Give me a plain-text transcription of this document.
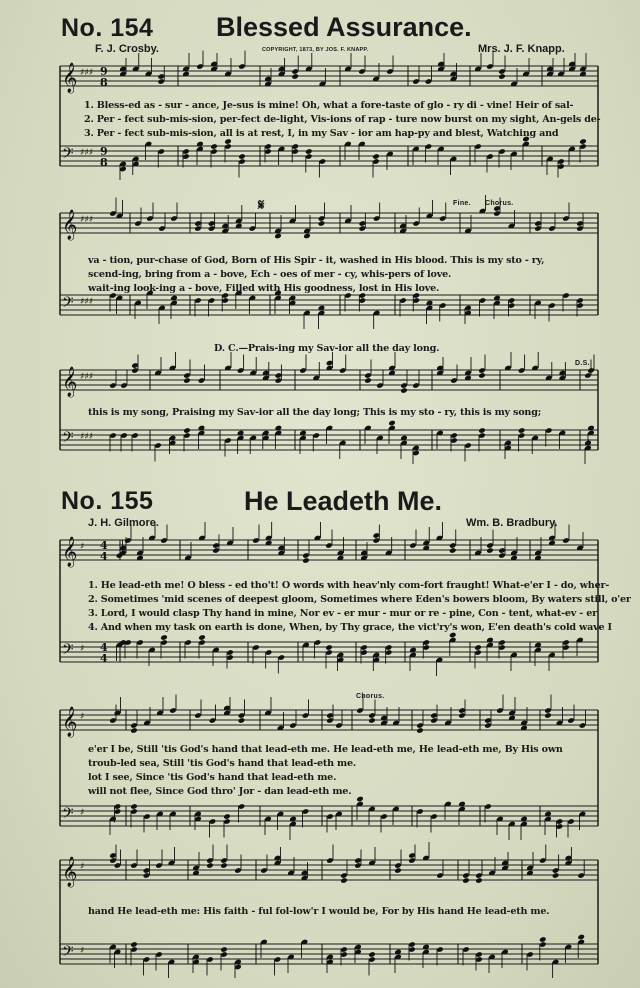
No. 154 Blessed Assurance.
F. J. Crosby.	COPYRIGHT, 1873, BY JOS. F. KNAPP.	Mrs. J. F. Knapp.
𝄞 ♯♯♯ 9
8
𝄢 ♯♯♯ 9
8
1. Bless-ed as - sur - ance, Je-sus is mine! Oh, what a fore-taste of glo - ry di - vine! Heir of sal-
2. Per - fect sub-mis-sion, per-fect de-light, Vis-ions of rap - ture now burst on my sight, An-gels de-
3. Per - fect sub-mis-sion, all is at rest, I, in my Sav - ior am hap-py and blest, Watching and
𝄋	Fine. Chorus.
𝄞 ♯♯♯
𝄢 ♯♯♯
va - tion, pur-chase of God, Born of His Spir - it, washed in His blood. This is my sto - ry,
scend-ing, bring from a - bove, Ech - oes of mer - cy, whis-pers of love.
wait-ing look-ing a - bove, Filled with His goodness, lost in His love.
D. C.—Prais-ing my Sav-ior all the day long.
D.S.
𝄞 ♯♯♯
𝄢 ♯♯♯
this is my song, Praising my Sav-ior all the day long; This is my sto - ry, this is my song;
No. 155	He Leadeth Me.
J. H. Gilmore.	Wm. B. Bradbury.
𝄞 ♯ 4
4
𝄢 ♯ 4
4
1. He lead-eth me! O bless - ed tho't! O words with heav'nly com-fort fraught! What-e'er I - do, wher-
2. Sometimes 'mid scenes of deepest gloom, Sometimes where Eden's bowers bloom, By waters still, o'er
3. Lord, I would clasp Thy hand in mine, Nor ev - er mur - mur or re - pine, Con - tent, what-ev - er
4. And when my task on earth is done, When, by Thy grace, the vict'ry's won, E'en death's cold wave I
Chorus.
𝄞 ♯
𝄢 ♯
e'er I be, Still 'tis God's hand that lead-eth me. He lead-eth me, He lead-eth me, By His own
troub-led sea, Still 'tis God's hand that lead-eth me.
lot I see, Since 'tis God's hand that lead-eth me.
will not flee, Since God thro' Jor - dan lead-eth me.
𝄞 ♯
𝄢 ♯
hand He lead-eth me: His faith - ful fol-low'r I would be, For by His hand He lead-eth me.
